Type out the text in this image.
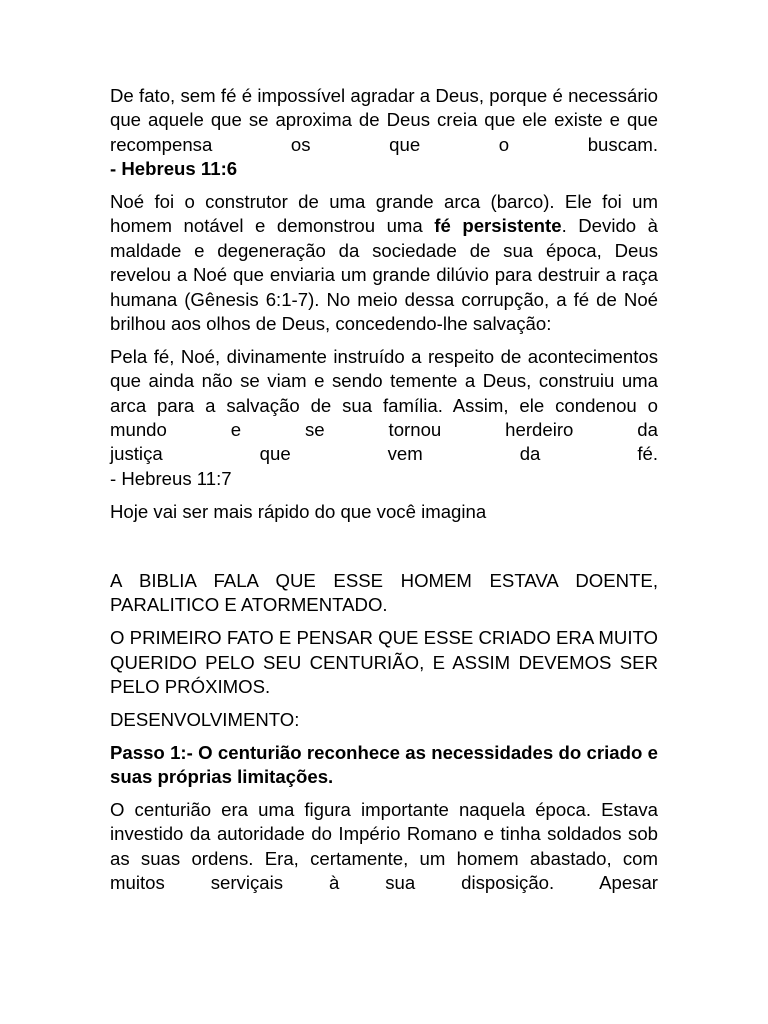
De fato, sem fé é impossível agradar a Deus, porque é necessário que aquele que se aproxima de Deus creia que ele existe e que recompensa os que o buscam.
- Hebreus 11:6

Noé foi o construtor de uma grande arca (barco). Ele foi um homem notável e demonstrou uma fé persistente. Devido à maldade e degeneração da sociedade de sua época, Deus revelou a Noé que enviaria um grande dilúvio para destruir a raça humana (Gênesis 6:1-7). No meio dessa corrupção, a fé de Noé brilhou aos olhos de Deus, concedendo-lhe salvação:

Pela fé, Noé, divinamente instruído a respeito de acontecimentos que ainda não se viam e sendo temente a Deus, construiu uma arca para a salvação de sua família. Assim, ele condenou o mundo e se tornou herdeiro da
justiça que vem da fé.
- Hebreus 11:7

Hoje vai ser mais rápido do que você imagina

A BIBLIA FALA QUE ESSE HOMEM ESTAVA DOENTE, PARALITICO E ATORMENTADO.

O PRIMEIRO FATO E PENSAR QUE ESSE CRIADO ERA MUITO QUERIDO PELO SEU CENTURIÃO, E ASSIM DEVEMOS SER PELO PRÓXIMOS.

DESENVOLVIMENTO:

Passo 1:- O centurião reconhece as necessidades do criado e suas próprias limitações.

O centurião era uma figura importante naquela época. Estava investido da autoridade do Império Romano e tinha soldados sob as suas ordens. Era, certamente, um homem abastado, com muitos serviçais à sua disposição. Apesar
